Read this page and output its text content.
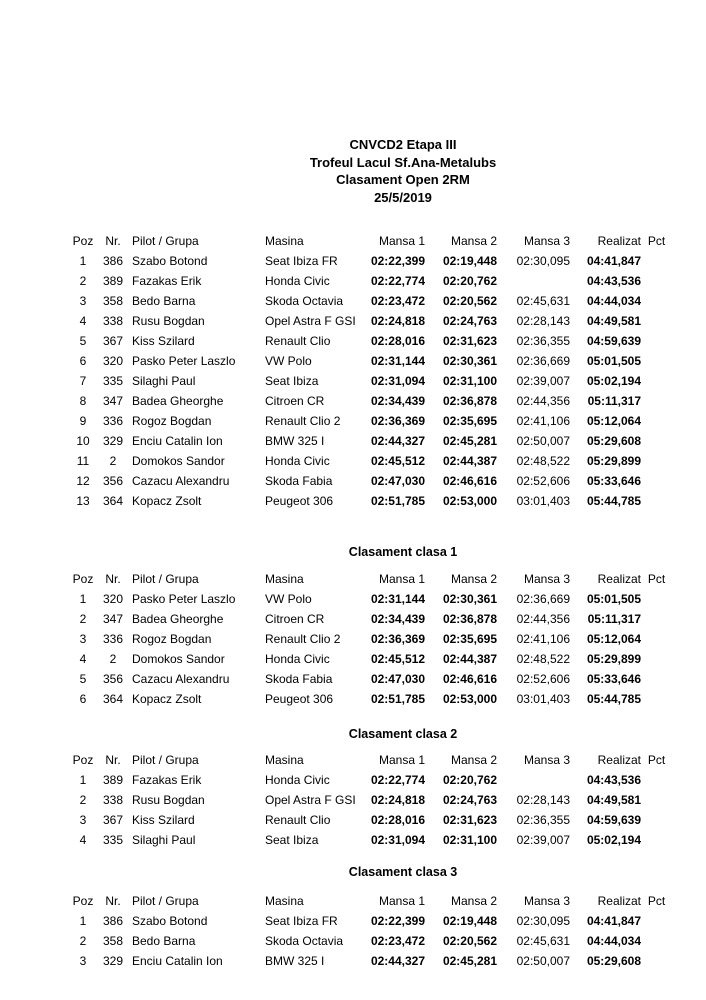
CNVCD2 Etapa III
Trofeul Lacul Sf.Ana-Metalubs
Clasament Open 2RM
25/5/2019
Poz	Nr.	Pilot / Grupa	Masina	Mansa 1	Mansa 2	Mansa 3	Realizat	Pct
1	386	Szabo Botond	Seat Ibiza FR	02:22,399	02:19,448	02:30,095	04:41,847	
2	389	Fazakas Erik	Honda Civic	02:22,774	02:20,762		04:43,536	
3	358	Bedo Barna	Skoda Octavia	02:23,472	02:20,562	02:45,631	04:44,034	
4	338	Rusu Bogdan	Opel Astra F GSI	02:24,818	02:24,763	02:28,143	04:49,581	
5	367	Kiss Szilard	Renault Clio	02:28,016	02:31,623	02:36,355	04:59,639	
6	320	Pasko Peter Laszlo	VW Polo	02:31,144	02:30,361	02:36,669	05:01,505	
7	335	Silaghi Paul	Seat Ibiza	02:31,094	02:31,100	02:39,007	05:02,194	
8	347	Badea Gheorghe	Citroen CR	02:34,439	02:36,878	02:44,356	05:11,317	
9	336	Rogoz Bogdan	Renault Clio 2	02:36,369	02:35,695	02:41,106	05:12,064	
10	329	Enciu Catalin Ion	BMW 325 I	02:44,327	02:45,281	02:50,007	05:29,608	
11	2	Domokos Sandor	Honda Civic	02:45,512	02:44,387	02:48,522	05:29,899	
12	356	Cazacu Alexandru	Skoda Fabia	02:47,030	02:46,616	02:52,606	05:33,646	
13	364	Kopacz Zsolt	Peugeot 306	02:51,785	02:53,000	03:01,403	05:44,785	
Clasament clasa 1
Poz	Nr.	Pilot / Grupa	Masina	Mansa 1	Mansa 2	Mansa 3	Realizat	Pct
1	320	Pasko Peter Laszlo	VW Polo	02:31,144	02:30,361	02:36,669	05:01,505	
2	347	Badea Gheorghe	Citroen CR	02:34,439	02:36,878	02:44,356	05:11,317	
3	336	Rogoz Bogdan	Renault Clio 2	02:36,369	02:35,695	02:41,106	05:12,064	
4	2	Domokos Sandor	Honda Civic	02:45,512	02:44,387	02:48,522	05:29,899	
5	356	Cazacu Alexandru	Skoda Fabia	02:47,030	02:46,616	02:52,606	05:33,646	
6	364	Kopacz Zsolt	Peugeot 306	02:51,785	02:53,000	03:01,403	05:44,785	
Clasament clasa 2
Poz	Nr.	Pilot / Grupa	Masina	Mansa 1	Mansa 2	Mansa 3	Realizat	Pct
1	389	Fazakas Erik	Honda Civic	02:22,774	02:20,762		04:43,536	
2	338	Rusu Bogdan	Opel Astra F GSI	02:24,818	02:24,763	02:28,143	04:49,581	
3	367	Kiss Szilard	Renault Clio	02:28,016	02:31,623	02:36,355	04:59,639	
4	335	Silaghi Paul	Seat Ibiza	02:31,094	02:31,100	02:39,007	05:02,194	
Clasament clasa 3
Poz	Nr.	Pilot / Grupa	Masina	Mansa 1	Mansa 2	Mansa 3	Realizat	Pct
1	386	Szabo Botond	Seat Ibiza FR	02:22,399	02:19,448	02:30,095	04:41,847	
2	358	Bedo Barna	Skoda Octavia	02:23,472	02:20,562	02:45,631	04:44,034	
3	329	Enciu Catalin Ion	BMW 325 I	02:44,327	02:45,281	02:50,007	05:29,608	
